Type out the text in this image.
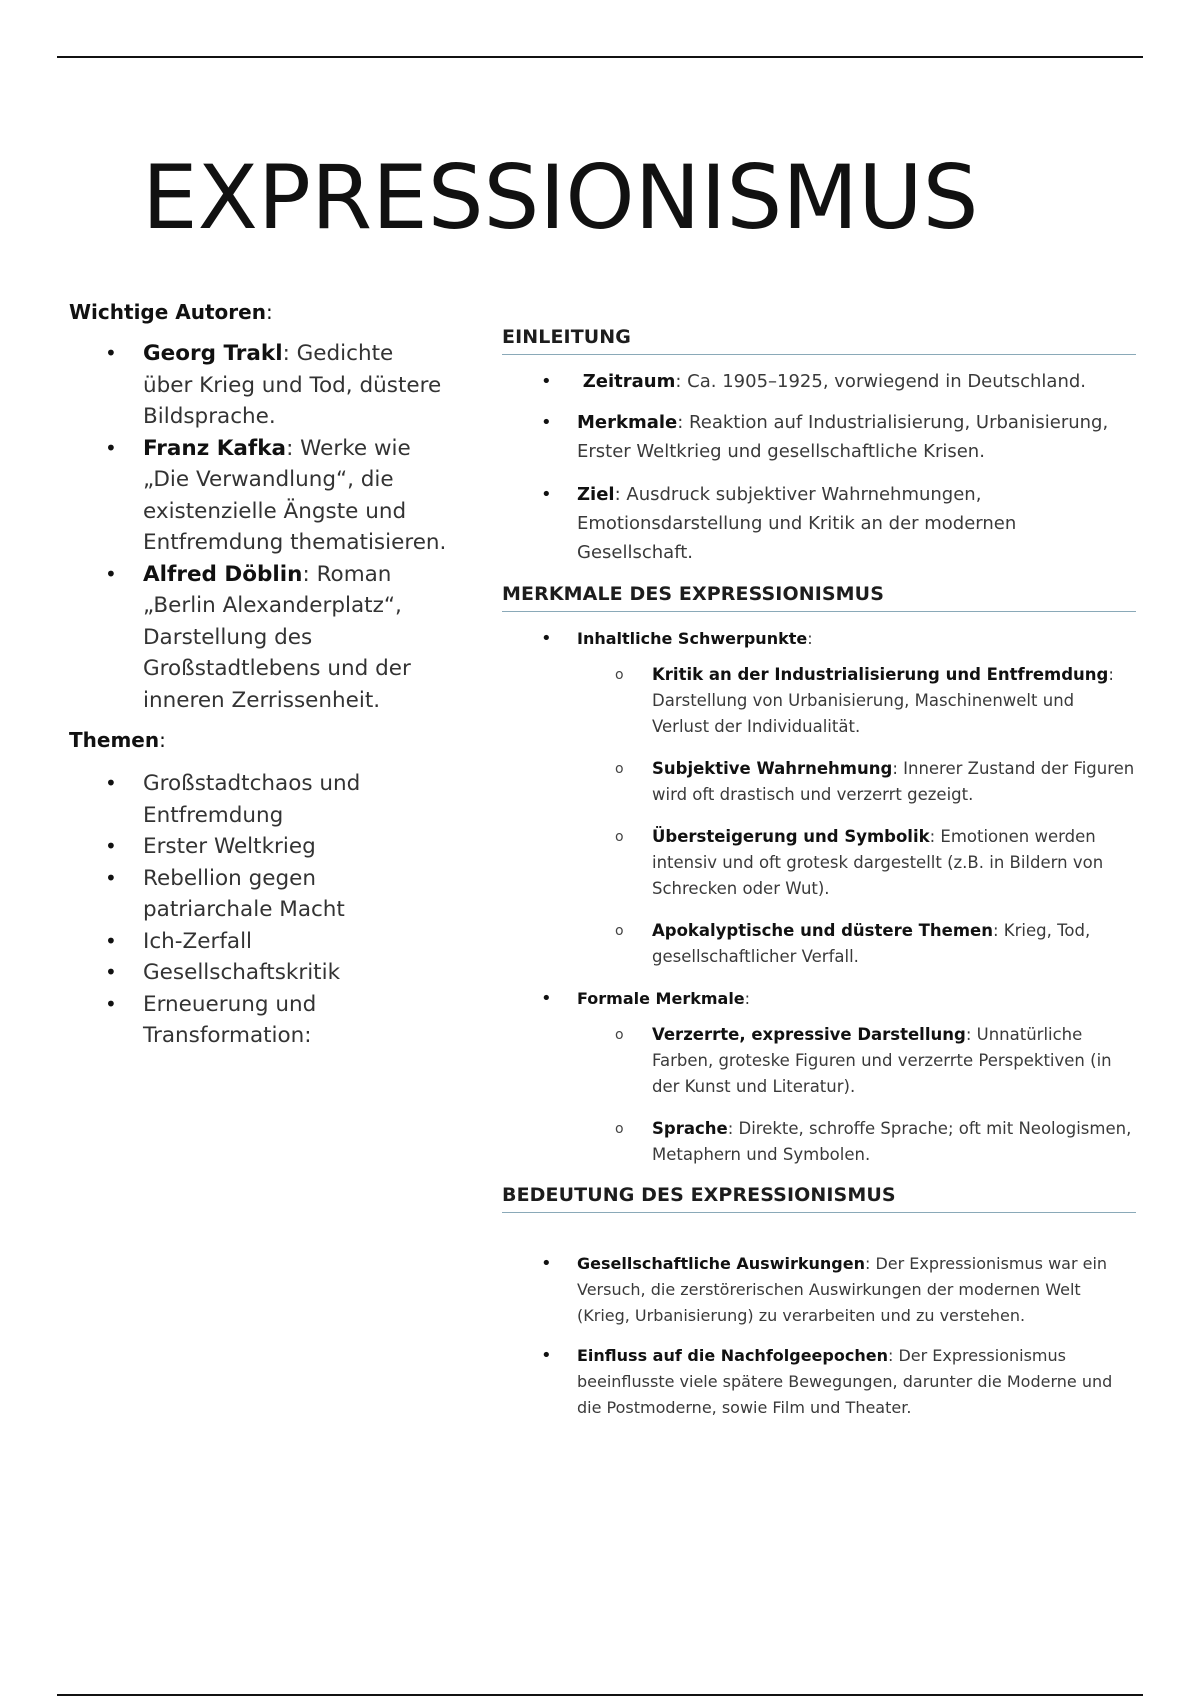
EXPRESSIONISMUS
Wichtige Autoren:
• Georg Trakl: Gedichte über Krieg und Tod, düstere Bildsprache.
• Franz Kafka: Werke wie „Die Verwandlung“, die existenzielle Ängste und Entfremdung thematisieren.
• Alfred Döblin: Roman „Berlin Alexanderplatz“, Darstellung des Großstadtlebens und der inneren Zerrissenheit.
Themen:
• Großstadtchaos und Entfremdung
• Erster Weltkrieg
• Rebellion gegen patriarchale Macht
• Ich-Zerfall
• Gesellschaftskritik
• Erneuerung und Transformation:
EINLEITUNG
• Zeitraum: Ca. 1905–1925, vorwiegend in Deutschland.
• Merkmale: Reaktion auf Industrialisierung, Urbanisierung, Erster Weltkrieg und gesellschaftliche Krisen.
• Ziel: Ausdruck subjektiver Wahrnehmungen, Emotionsdarstellung und Kritik an der modernen Gesellschaft.
MERKMALE DES EXPRESSIONISMUS
• Inhaltliche Schwerpunkte:
o Kritik an der Industrialisierung und Entfremdung: Darstellung von Urbanisierung, Maschinenwelt und Verlust der Individualität.
o Subjektive Wahrnehmung: Innerer Zustand der Figuren wird oft drastisch und verzerrt gezeigt.
o Übersteigerung und Symbolik: Emotionen werden intensiv und oft grotesk dargestellt (z.B. in Bildern von Schrecken oder Wut).
o Apokalyptische und düstere Themen: Krieg, Tod, gesellschaftlicher Verfall.
• Formale Merkmale:
o Verzerrte, expressive Darstellung: Unnatürliche Farben, groteske Figuren und verzerrte Perspektiven (in der Kunst und Literatur).
o Sprache: Direkte, schroffe Sprache; oft mit Neologismen, Metaphern und Symbolen.
BEDEUTUNG DES EXPRESSIONISMUS
• Gesellschaftliche Auswirkungen: Der Expressionismus war ein Versuch, die zerstörerischen Auswirkungen der modernen Welt (Krieg, Urbanisierung) zu verarbeiten und zu verstehen.
• Einfluss auf die Nachfolgeepochen: Der Expressionismus beeinflusste viele spätere Bewegungen, darunter die Moderne und die Postmoderne, sowie Film und Theater.
